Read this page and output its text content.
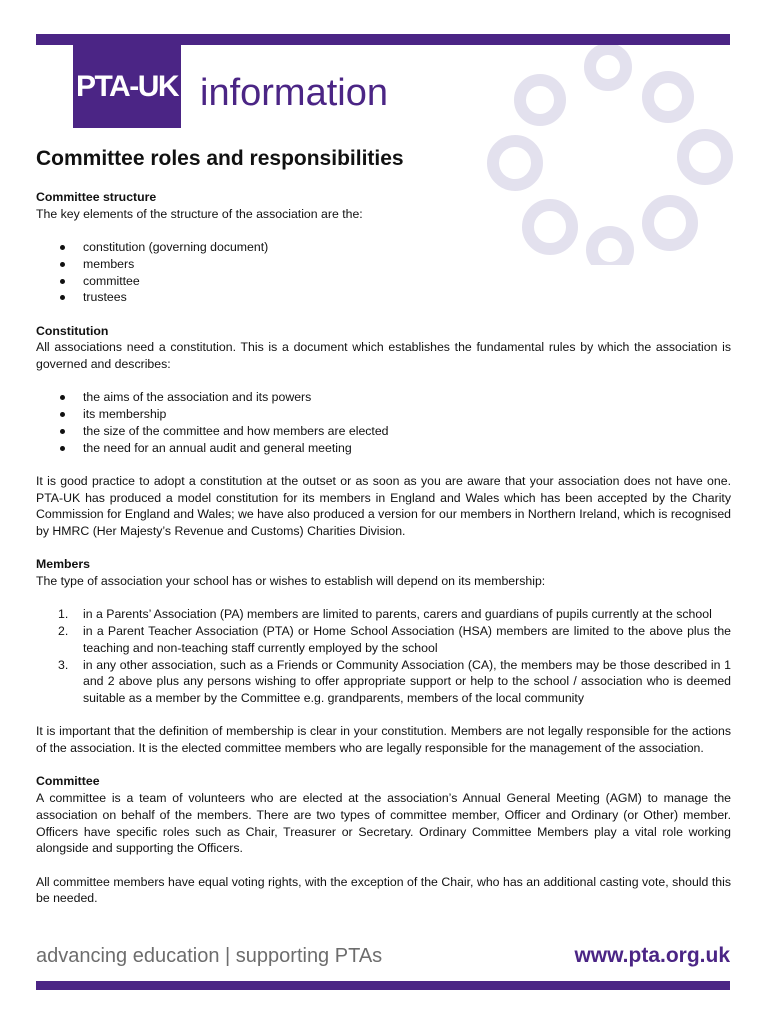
PTA-UK information
Committee roles and responsibilities
Committee structure

The key elements of the structure of the association are the:

constitution (governing document)
members
committee
trustees
Constitution

All associations need a constitution. This is a document which establishes the fundamental rules by which the association is governed and describes:

the aims of the association and its powers
its membership
the size of the committee and how members are elected
the need for an annual audit and general meeting

It is good practice to adopt a constitution at the outset or as soon as you are aware that your association does not have one. PTA-UK has produced a model constitution for its members in England and Wales which has been accepted by the Charity Commission for England and Wales; we have also produced a version for our members in Northern Ireland, which is recognised by HMRC (Her Majesty’s Revenue and Customs) Charities Division.

Members

The type of association your school has or wishes to establish will depend on its membership:

1. in a Parents’ Association (PA) members are limited to parents, carers and guardians of pupils currently at the school
2. in a Parent Teacher Association (PTA) or Home School Association (HSA) members are limited to the above plus the teaching and non-teaching staff currently employed by the school
3. in any other association, such as a Friends or Community Association (CA), the members may be those described in 1 and 2 above plus any persons wishing to offer appropriate support or help to the school / association who is deemed suitable as a member by the Committee e.g. grandparents, members of the local community

It is important that the definition of membership is clear in your constitution. Members are not legally responsible for the actions of the association. It is the elected committee members who are legally responsible for the management of the association.

Committee

A committee is a team of volunteers who are elected at the association’s Annual General Meeting (AGM) to manage the association on behalf of the members. There are two types of committee member, Officer and Ordinary (or Other) member. Officers have specific roles such as Chair, Treasurer or Secretary. Ordinary Committee Members play a vital role working alongside and supporting the Officers.

All committee members have equal voting rights, with the exception of the Chair, who has an additional casting vote, should this be needed.

advancing education | supporting PTAs	www.pta.org.uk
